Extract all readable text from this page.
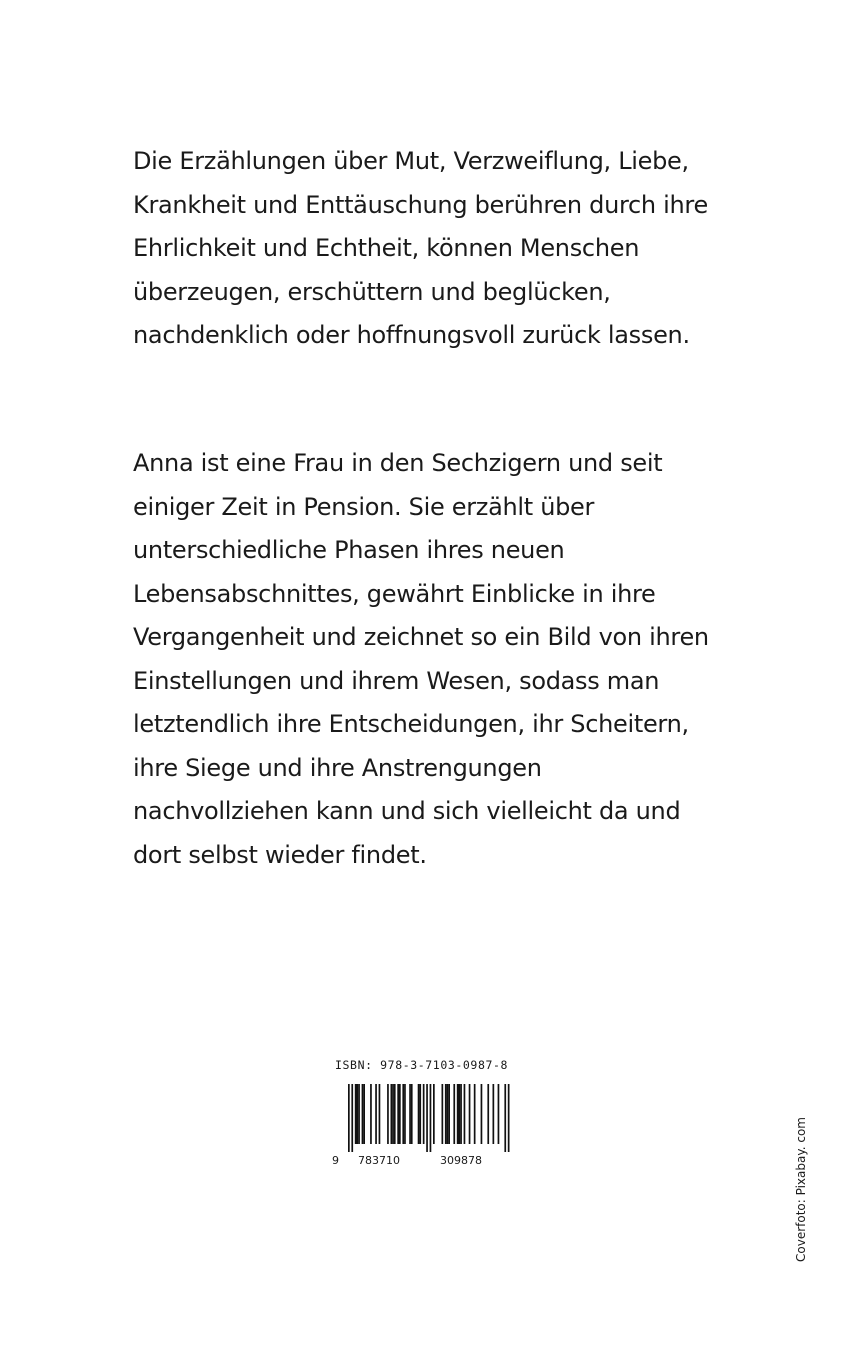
Die Erzählungen über Mut, Verzweiflung, Liebe,
Krankheit und Enttäuschung berühren durch ihre
Ehrlichkeit und Echtheit, können Menschen
überzeugen, erschüttern und beglücken,
nachdenklich oder hoffnungsvoll zurück lassen.
Anna ist eine Frau in den Sechzigern und seit
einiger Zeit in Pension. Sie erzählt über
unterschiedliche Phasen ihres neuen
Lebensabschnittes, gewährt Einblicke in ihre
Vergangenheit und zeichnet so ein Bild von ihren
Einstellungen und ihrem Wesen, sodass man
letztendlich ihre Entscheidungen, ihr Scheitern,
ihre Siege und ihre Anstrengungen
nachvollziehen kann und sich vielleicht da und
dort selbst wieder findet.
ISBN: 978-3-7103-0987-8
9 783710	309878	Coverfoto: Pixabay. com
